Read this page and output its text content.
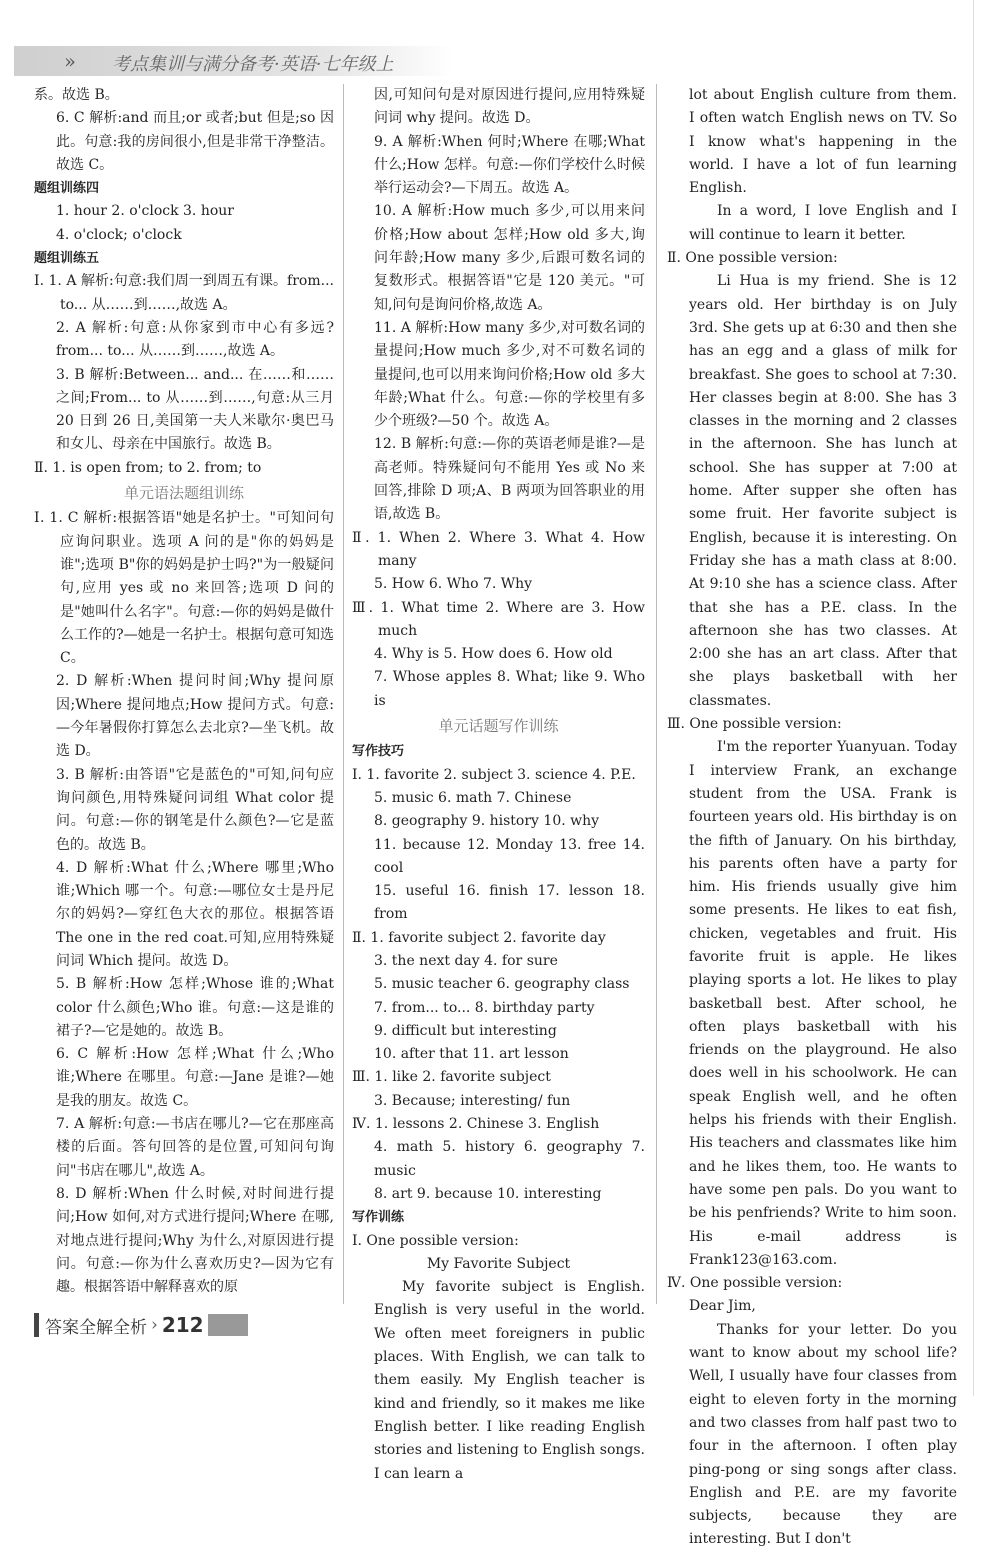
›› 考点集训与满分备考·英语·七年级上

系。故选 B。

6. C 解析:and 而且;or 或者;but 但是;so 因此。句意:我的房间很小,但是非常干净整洁。故选 C。

题组训练四

1. hour 2. o'clock 3. hour

4. o'clock; o'clock

题组训练五

Ⅰ. 1. A 解析:句意:我们周一到周五有课。from... to... 从……到……,故选 A。

2. A 解析:句意:从你家到市中心有多远?from... to... 从……到……,故选 A。

3. B 解析:Between... and... 在……和……之间;From... to 从……到……,句意:从三月 20 日到 26 日,美国第一夫人米歇尔·奥巴马和女儿、母亲在中国旅行。故选 B。

Ⅱ. 1. is open from; to 2. from; to

单元语法题组训练

Ⅰ. 1. C 解析:根据答语"她是名护士。"可知问句应询问职业。选项 A 问的是"你的妈妈是谁";选项 B"你的妈妈是护士吗?"为一般疑问句,应用 yes 或 no 来回答;选项 D 问的是"她叫什么名字"。句意:—你的妈妈是做什么工作的?—她是一名护士。根据句意可知选 C。

2. D 解析:When 提问时间;Why 提问原因;Where 提问地点;How 提问方式。句意:—今年暑假你打算怎么去北京?—坐飞机。故选 D。

3. B 解析:由答语"它是蓝色的"可知,问句应询问颜色,用特殊疑问词组 What color 提问。句意:—你的钢笔是什么颜色?—它是蓝色的。故选 B。

4. D 解析:What 什么;Where 哪里;Who 谁;Which 哪一个。句意:—哪位女士是丹尼尔的妈妈?—穿红色大衣的那位。根据答语 The one in the red coat.可知,应用特殊疑问词 Which 提问。故选 D。

5. B 解析:How 怎样;Whose 谁的;What color 什么颜色;Who 谁。句意:—这是谁的裙子?—它是她的。故选 B。

6. C 解析:How 怎样;What 什么;Who 谁;Where 在哪里。句意:—Jane 是谁?—她是我的朋友。故选 C。

7. A 解析:句意:—书店在哪儿?—它在那座高楼的后面。答句回答的是位置,可知问句询问"书店在哪儿",故选 A。

8. D 解析:When 什么时候,对时间进行提问;How 如何,对方式进行提问;Where 在哪,对地点进行提问;Why 为什么,对原因进行提问。句意:—你为什么喜欢历史?—因为它有趣。根据答语中解释喜欢的原

因,可知问句是对原因进行提问,应用特殊疑问词 why 提问。故选 D。

9. A 解析:When 何时;Where 在哪;What 什么;How 怎样。句意:—你们学校什么时候举行运动会?—下周五。故选 A。

10. A 解析:How much 多少,可以用来问价格;How about 怎样;How old 多大,询问年龄;How many 多少,后跟可数名词的复数形式。根据答语"它是 120 美元。"可知,问句是询问价格,故选 A。

11. A 解析:How many 多少,对可数名词的量提问;How much 多少,对不可数名词的量提问,也可以用来询问价格;How old 多大年龄;What 什么。句意:—你的学校里有多少个班级?—50 个。故选 A。

12. B 解析:句意:—你的英语老师是谁?—是高老师。特殊疑问句不能用 Yes 或 No 来回答,排除 D 项;A、B 两项为回答职业的用语,故选 B。

Ⅱ. 1. When 2. Where 3. What 4. How many

5. How 6. Who 7. Why

Ⅲ. 1. What time 2. Where are 3. How much

4. Why is 5. How does 6. How old

7. Whose apples 8. What; like 9. Who is

单元话题写作训练

写作技巧

Ⅰ. 1. favorite 2. subject 3. science 4. P.E.

5. music 6. math 7. Chinese

8. geography 9. history 10. why

11. because 12. Monday 13. free 14. cool

15. useful 16. finish 17. lesson 18. from

Ⅱ. 1. favorite subject 2. favorite day

3. the next day 4. for sure

5. music teacher 6. geography class

7. from... to... 8. birthday party

9. difficult but interesting

10. after that 11. art lesson

Ⅲ. 1. like 2. favorite subject

3. Because; interesting/ fun

Ⅳ. 1. lessons 2. Chinese 3. English

4. math 5. history 6. geography 7. music

8. art 9. because 10. interesting

写作训练

Ⅰ. One possible version:

My Favorite Subject

My favorite subject is English. English is very useful in the world. We often meet foreigners in public places. With English, we can talk to them easily. My English teacher is kind and friendly, so it makes me like English better. I like reading English stories and listening to English songs. I can learn a

lot about English culture from them. I often watch English news on TV. So I know what's happening in the world. I have a lot of fun learning English.

In a word, I love English and I will continue to learn it better.

Ⅱ. One possible version:

Li Hua is my friend. She is 12 years old. Her birthday is on July 3rd. She gets up at 6:30 and then she has an egg and a glass of milk for breakfast. She goes to school at 7:30. Her classes begin at 8:00. She has 3 classes in the morning and 2 classes in the afternoon. She has lunch at school. She has supper at 7:00 at home. After supper she often has some fruit. Her favorite subject is English, because it is interesting. On Friday she has a math class at 8:00. At 9:10 she has a science class. After that she has a P.E. class. In the afternoon she has two classes. At 2:00 she has an art class. After that she plays basketball with her classmates.

Ⅲ. One possible version:

I'm the reporter Yuanyuan. Today I interview Frank, an exchange student from the USA. Frank is fourteen years old. His birthday is on the fifth of January. On his birthday, his parents often have a party for him. His friends usually give him some presents. He likes to eat fish, chicken, vegetables and fruit. His favorite fruit is apple. He likes playing sports a lot. He likes to play basketball best. After school, he often plays basketball with his friends on the playground. He also does well in his schoolwork. He can speak English well, and he often helps his friends with their English. His teachers and classmates like him and he likes them, too. He wants to have some pen pals. Do you want to be his penfriends? Write to him soon. His e-mail address is Frank123@163.com.

Ⅳ. One possible version:

Dear Jim,

Thanks for your letter. Do you want to know about my school life? Well, I usually have four classes from eight to eleven forty in the morning and two classes from half past two to four in the afternoon. I often play ping-pong or sing songs after class. English and P.E. are my favorite subjects, because they are interesting. But I don't

答案全解全析 › 212
